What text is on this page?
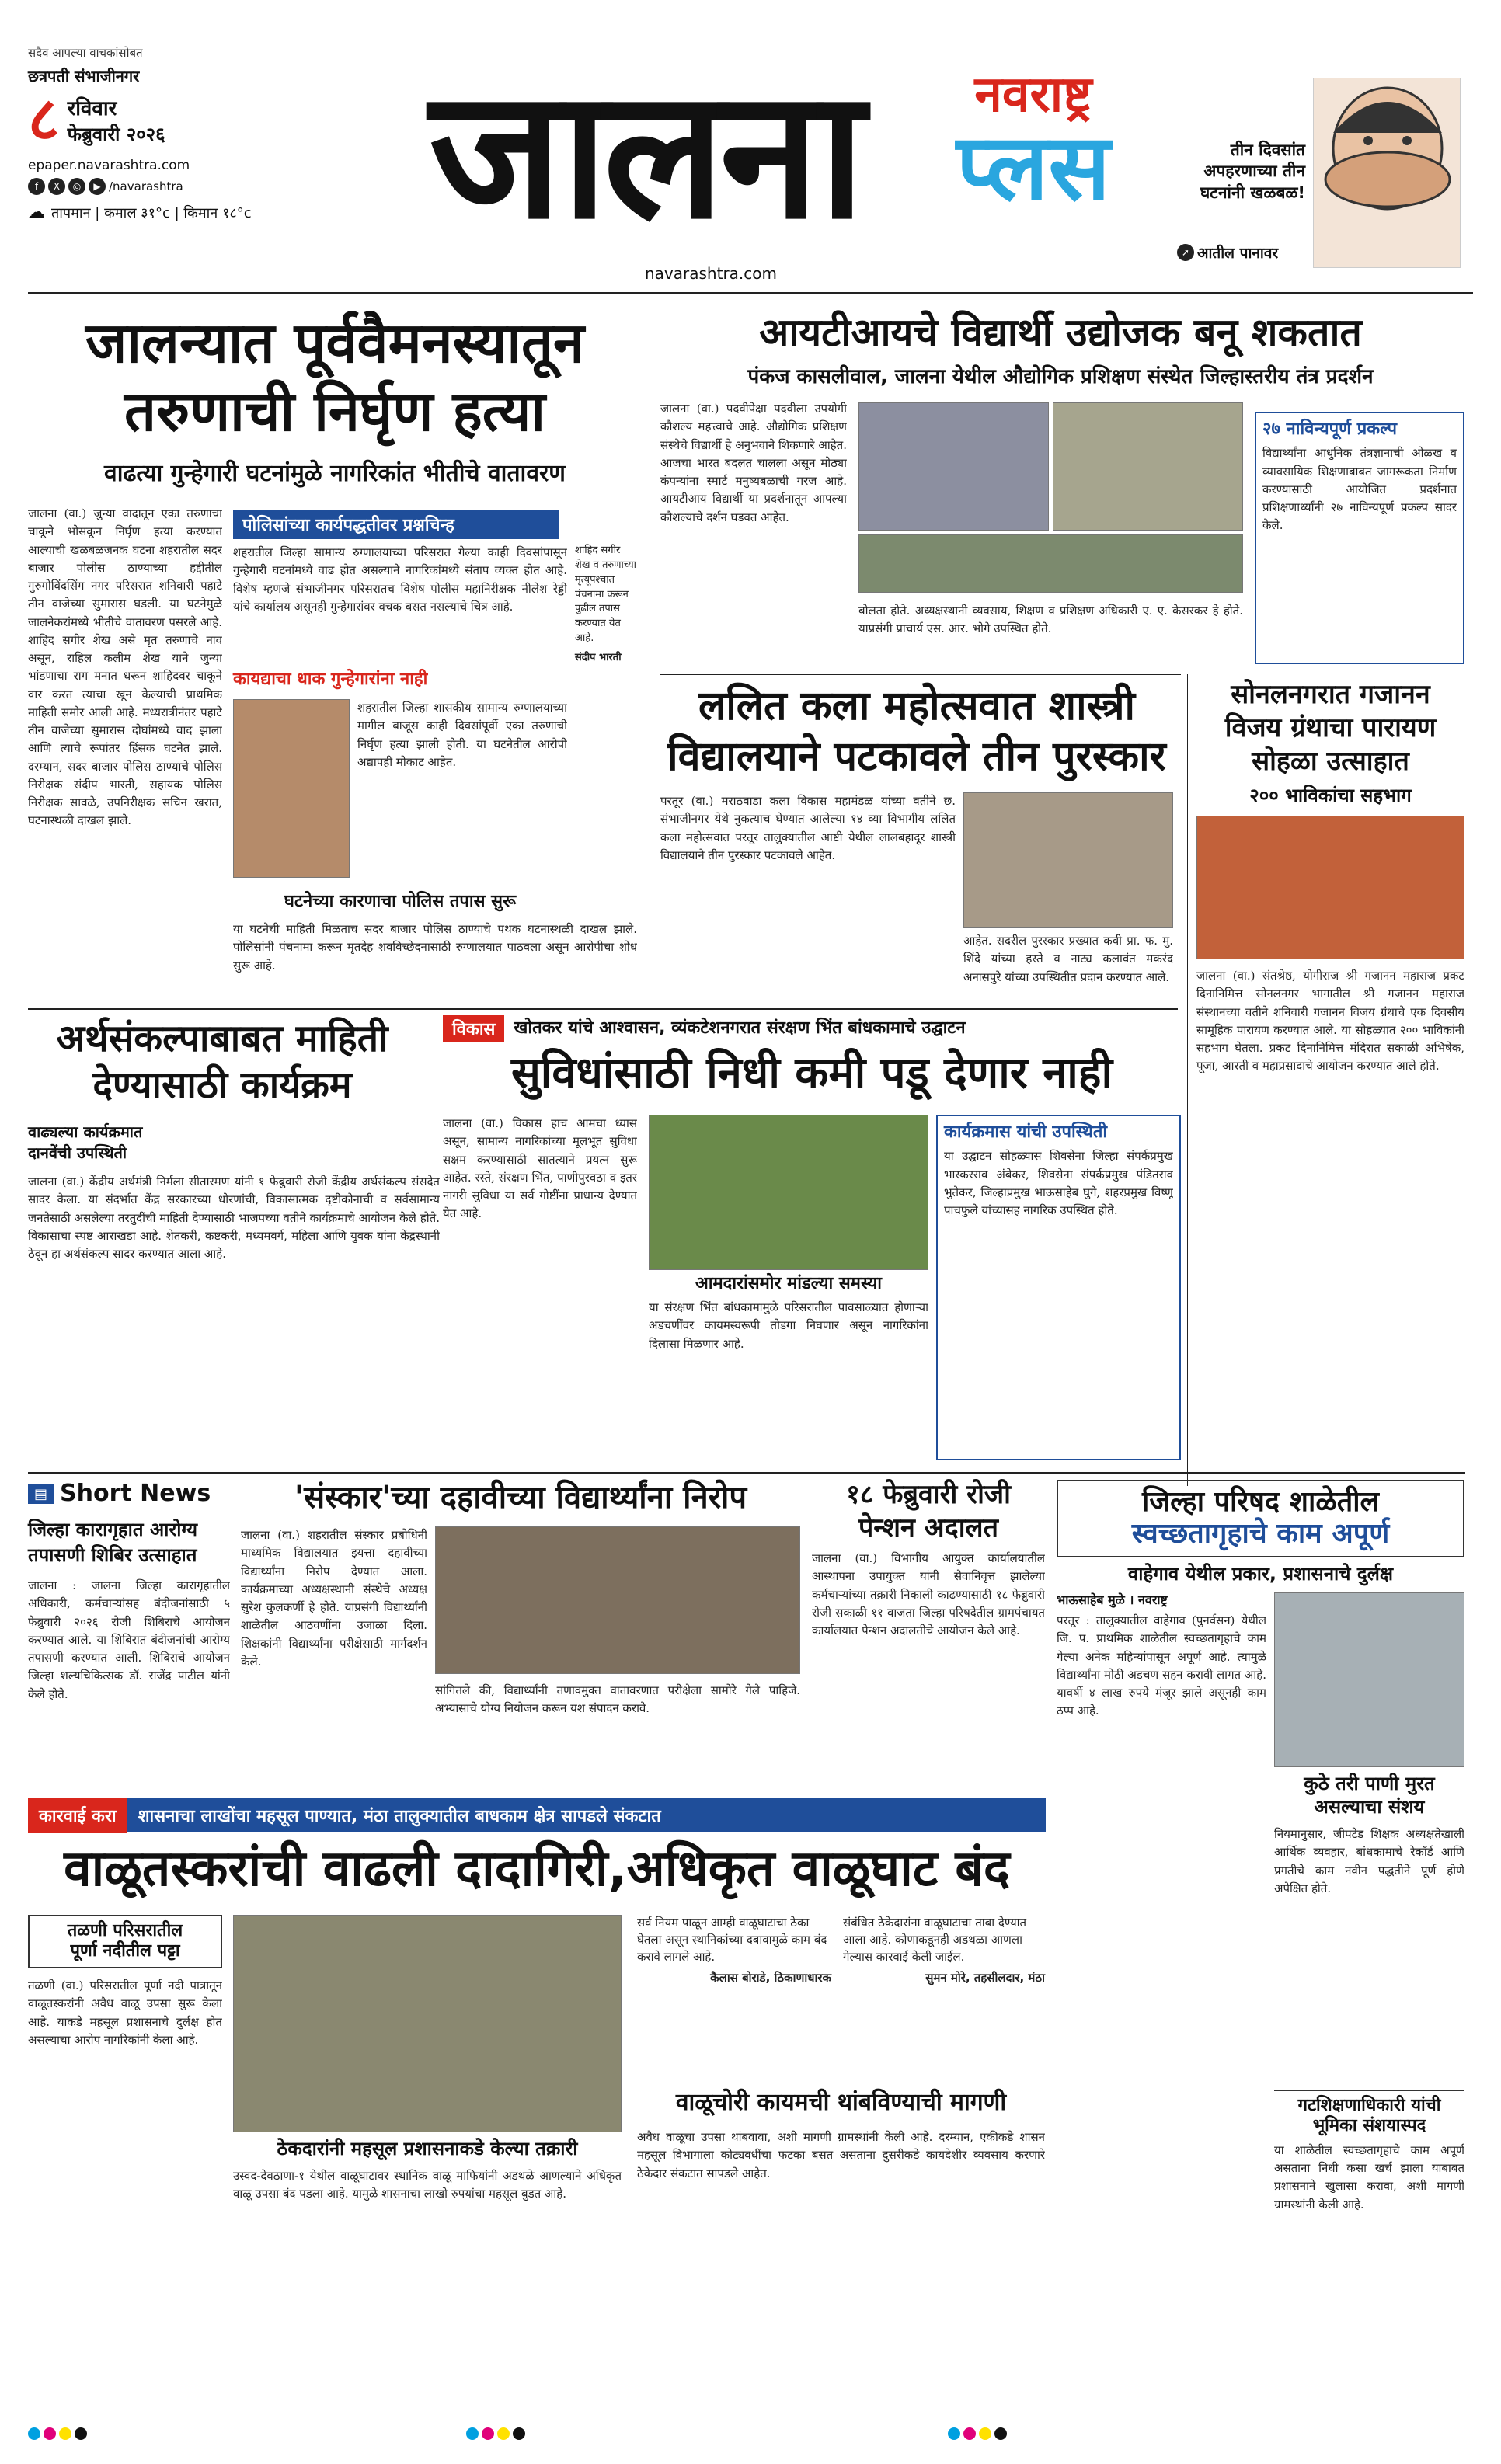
सदैव आपल्या वाचकांसोबत
छत्रपती संभाजीनगर
८ रविवार
फेब्रुवारी २०२६
epaper.navarashtra.com
f	X	◎	▶ /navarashtra
☁ तापमान | कमाल ३१°c | किमान १८°c जालना
navarashtra.com
नवराष्ट्र
प्लस	तीन दिवसांत अपहरणाच्या तीन घटनांनी खळबळ!
➚ आतील पानावर
जालन्यात पूर्ववैमनस्यातून
तरुणाची निर्घृण हत्या
वाढत्या गुन्हेगारी घटनांमुळे नागरिकांत भीतीचे वातावरण
जालना (वा.) जुन्या वादातून एका तरुणाचा चाकूने भोसकून निर्घृण हत्या करण्यात आल्याची खळबळजनक घटना शहरातील सदर बाजार पोलीस ठाण्याच्या हद्दीतील गुरुगोविंदसिंग नगर परिसरात शनिवारी पहाटे तीन वाजेच्या सुमारास घडली. या घटनेमुळे जालनेकरांमध्ये भीतीचे वातावरण पसरले आहे. शाहिद सगीर शेख असे मृत तरुणाचे नाव असून, राहिल कलीम शेख याने जुन्या भांडणाचा राग मनात धरून शाहिदवर चाकूने वार करत त्याचा खून केल्याची प्राथमिक माहिती समोर आली आहे. मध्यरात्रीनंतर पहाटे तीन वाजेच्या सुमारास दोघांमध्ये वाद झाला आणि त्याचे रूपांतर हिंसक घटनेत झाले. दरम्यान, सदर बाजार पोलिस ठाण्याचे पोलिस निरीक्षक संदीप भारती, सहायक पोलिस निरीक्षक सावळे, उपनिरीक्षक सचिन खरात, घटनास्थळी दाखल झाले.
पोलिसांच्या कार्यपद्धतीवर प्रश्नचिन्ह
शहरातील जिल्हा सामान्य रुग्णालयाच्या परिसरात गेल्या काही दिवसांपासून गुन्हेगारी घटनांमध्ये वाढ होत असल्याने नागरिकांमध्ये संताप व्यक्त होत आहे. विशेष म्हणजे संभाजीनगर परिसरातच विशेष पोलीस महानिरीक्षक नीलेश रेड्डी यांचे कार्यालय असूनही गुन्हेगारांवर वचक बसत नसल्याचे चित्र आहे.
शाहिद सगीर शेख व तरुणाच्या मृत्यूपश्चात पंचनामा करून पुढील तपास करण्यात येत आहे.
संदीप भारती
कायद्याचा धाक गुन्हेगारांना नाही
शहरातील जिल्हा शासकीय सामान्य रुग्णालयाच्या मागील बाजूस काही दिवसांपूर्वी एका तरुणाची निर्घृण हत्या झाली होती. या घटनेतील आरोपी अद्यापही मोकाट आहेत.
घटनेच्या कारणाचा पोलिस तपास सुरू
या घटनेची माहिती मिळताच सदर बाजार पोलिस ठाण्याचे पथक घटनास्थळी दाखल झाले. पोलिसांनी पंचनामा करून मृतदेह शवविच्छेदनासाठी रुग्णालयात पाठवला असून आरोपीचा शोध सुरू आहे.
आयटीआयचे विद्यार्थी उद्योजक बनू शकतात
पंकज कासलीवाल, जालना येथील औद्योगिक प्रशिक्षण संस्थेत जिल्हास्तरीय तंत्र प्रदर्शन
जालना (वा.) पदवीपेक्षा पदवीला उपयोगी कौशल्य महत्त्वाचे आहे. औद्योगिक प्रशिक्षण संस्थेचे विद्यार्थी हे अनुभवाने शिकणारे आहेत. आजचा भारत बदलत चालला असून मोठ्या कंपन्यांना स्मार्ट मनुष्यबळाची गरज आहे. आयटीआय विद्यार्थी या प्रदर्शनातून आपल्या कौशल्याचे दर्शन घडवत आहेत.
बोलता होते. अध्यक्षस्थानी व्यवसाय, शिक्षण व प्रशिक्षण अधिकारी ए. ए. केसरकर हे होते. याप्रसंगी प्राचार्य एस. आर. भोगे उपस्थित होते.
२७ नाविन्यपूर्ण प्रकल्प
विद्यार्थ्यांना आधुनिक तंत्रज्ञानाची ओळख व व्यावसायिक शिक्षणाबाबत जागरूकता निर्माण करण्यासाठी आयोजित प्रदर्शनात प्रशिक्षणार्थ्यांनी २७ नाविन्यपूर्ण प्रकल्प सादर केले.
ललित कला महोत्सवात शास्त्री
विद्यालयाने पटकावले तीन पुरस्कार
परतूर (वा.) मराठवाडा कला विकास महामंडळ यांच्या वतीने छ. संभाजीनगर येथे नुकत्याच घेण्यात आलेल्या १४ व्या विभागीय ललित कला महोत्सवात परतूर तालुक्यातील आष्टी येथील लालबहादूर शास्त्री विद्यालयाने तीन पुरस्कार पटकावले आहेत.
आहेत. सदरील पुरस्कार प्रख्यात कवी प्रा. फ. मु. शिंदे यांच्या हस्ते व नाट्य कलावंत मकरंद अनासपुरे यांच्या उपस्थितीत प्रदान करण्यात आले.
सोनलनगरात गजानन
विजय ग्रंथाचा पारायण
सोहळा उत्साहात
२०० भाविकांचा सहभाग
जालना (वा.) संतश्रेष्ठ, योगीराज श्री गजानन महाराज प्रकट दिनानिमित्त सोनलनगर भागातील श्री गजानन महाराज संस्थानच्या वतीने शनिवारी गजानन विजय ग्रंथाचे एक दिवसीय सामूहिक पारायण करण्यात आले. या सोहळ्यात २०० भाविकांनी सहभाग घेतला. प्रकट दिनानिमित्त मंदिरात सकाळी अभिषेक, पूजा, आरती व महाप्रसादाचे आयोजन करण्यात आले होते.
अर्थसंकल्पाबाबत माहिती
देण्यासाठी कार्यक्रम
वाढ्यल्या कार्यक्रमात
दानवेंची उपस्थिती
जालना (वा.) केंद्रीय अर्थमंत्री निर्मला सीतारमण यांनी १ फेब्रुवारी रोजी केंद्रीय अर्थसंकल्प संसदेत सादर केला. या संदर्भात केंद्र सरकारच्या धोरणांची, विकासात्मक दृष्टीकोनाची व सर्वसामान्य जनतेसाठी असलेल्या तरतुदींची माहिती देण्यासाठी भाजपच्या वतीने कार्यक्रमाचे आयोजन केले होते. विकासाचा स्पष्ट आराखडा आहे. शेतकरी, कष्टकरी, मध्यमवर्ग, महिला आणि युवक यांना केंद्रस्थानी ठेवून हा अर्थसंकल्प सादर करण्यात आला आहे.
विकास	खोतकर यांचे आश्वासन, व्यंकटेशनगरात संरक्षण भिंत बांधकामाचे उद्घाटन
सुविधांसाठी निधी कमी पडू देणार नाही
जालना (वा.) विकास हाच आमचा ध्यास असून, सामान्य नागरिकांच्या मूलभूत सुविधा सक्षम करण्यासाठी सातत्याने प्रयत्न सुरू आहेत. रस्ते, संरक्षण भिंत, पाणीपुरवठा व इतर नागरी सुविधा या सर्व गोष्टींना प्राधान्य देण्यात येत आहे.
आमदारांसमोर मांडल्या समस्या
या संरक्षण भिंत बांधकामामुळे परिसरातील पावसाळ्यात होणाऱ्या अडचणींवर कायमस्वरूपी तोडगा निघणार असून नागरिकांना दिलासा मिळणार आहे.
कार्यक्रमास यांची उपस्थिती
या उद्घाटन सोहळ्यास शिवसेना जिल्हा संपर्कप्रमुख भास्करराव अंबेकर, शिवसेना संपर्कप्रमुख पंडितराव भुतेकर, जिल्हाप्रमुख भाऊसाहेब घुगे, शहरप्रमुख विष्णू पाचफुले यांच्यासह नागरिक उपस्थित होते.
▤ Short News
जिल्हा कारागृहात आरोग्य
तपासणी शिबिर उत्साहात
जालना : जालना जिल्हा कारागृहातील अधिकारी, कर्मचाऱ्यांसह बंदीजनांसाठी ५ फेब्रुवारी २०२६ रोजी शिबिराचे आयोजन करण्यात आले. या शिबिरात बंदीजनांची आरोग्य तपासणी करण्यात आली. शिबिराचे आयोजन जिल्हा शल्यचिकित्सक डॉ. राजेंद्र पाटील यांनी केले होते.
'संस्कार'च्या दहावीच्या विद्यार्थ्यांना निरोप
जालना (वा.) शहरातील संस्कार प्रबोधिनी माध्यमिक विद्यालयात इयत्ता दहावीच्या विद्यार्थ्यांना निरोप देण्यात आला. कार्यक्रमाच्या अध्यक्षस्थानी संस्थेचे अध्यक्ष सुरेश कुलकर्णी हे होते. याप्रसंगी विद्यार्थ्यांनी शाळेतील आठवणींना उजाळा दिला. शिक्षकांनी विद्यार्थ्यांना परीक्षेसाठी मार्गदर्शन केले.
सांगितले की, विद्यार्थ्यांनी तणावमुक्त वातावरणात परीक्षेला सामोरे गेले पाहिजे. अभ्यासाचे योग्य नियोजन करून यश संपादन करावे.
१८ फेब्रुवारी रोजी
पेन्शन अदालत
जालना (वा.) विभागीय आयुक्त कार्यालयातील आस्थापना उपायुक्त यांनी सेवानिवृत्त झालेल्या कर्मचाऱ्यांच्या तक्रारी निकाली काढण्यासाठी १८ फेब्रुवारी रोजी सकाळी ११ वाजता जिल्हा परिषदेतील ग्रामपंचायत कार्यालयात पेन्शन अदालतीचे आयोजन केले आहे.
जिल्हा परिषद शाळेतील
स्वच्छतागृहाचे काम अपूर्ण
वाहेगाव येथील प्रकार, प्रशासनाचे दुर्लक्ष
भाऊसाहेब मुळे । नवराष्ट्र
परतूर : तालुक्यातील वाहेगाव (पुनर्वसन) येथील जि. प. प्राथमिक शाळेतील स्वच्छतागृहाचे काम गेल्या अनेक महिन्यांपासून अपूर्ण आहे. त्यामुळे विद्यार्थ्यांना मोठी अडचण सहन करावी लागत आहे. यावर्षी ४ लाख रुपये मंजूर झाले असूनही काम ठप्प आहे.
कुठे तरी पाणी मुरत
असल्याचा संशय
नियमानुसार, जीपटेड शिक्षक अध्यक्षतेखाली आर्थिक व्यवहार, बांधकामाचे रेकॉर्ड आणि प्रगतीचे काम नवीन पद्धतीने पूर्ण होणे अपेक्षित होते.
गटशिक्षणाधिकारी यांची
भूमिका संशयास्पद
या शाळेतील स्वच्छतागृहाचे काम अपूर्ण असताना निधी कसा खर्च झाला याबाबत प्रशासनाने खुलासा करावा, अशी मागणी ग्रामस्थांनी केली आहे.
कारवाई करा	शासनाचा लाखोंचा महसूल पाण्यात, मंठा तालुक्यातील बाधकाम क्षेत्र सापडले संकटात
वाळूतस्करांची वाढली दादागिरी,अधिकृत वाळूघाट बंद
तळणी परिसरातील
पूर्णा नदीतील पट्टा
तळणी (वा.) परिसरातील पूर्णा नदी पात्रातून वाळूतस्करांनी अवैध वाळू उपसा सुरू केला आहे. याकडे महसूल प्रशासनाचे दुर्लक्ष होत असल्याचा आरोप नागरिकांनी केला आहे.
ठेकदारांनी महसूल प्रशासनाकडे केल्या तक्रारी
उस्वद-देवठाणा-१ येथील वाळूघाटावर स्थानिक वाळू माफियांनी अडथळे आणल्याने अधिकृत वाळू उपसा बंद पडला आहे. यामुळे शासनाचा लाखो रुपयांचा महसूल बुडत आहे.
सर्व नियम पाळून आम्ही वाळूघाटाचा ठेका घेतला असून स्थानिकांच्या दबावामुळे काम बंद करावे लागले आहे.
कैलास बोराडे, ठिकाणाधारक
संबंधित ठेकेदारांना वाळूघाटाचा ताबा देण्यात आला आहे. कोणाकडूनही अडथळा आणला गेल्यास कारवाई केली जाईल.
सुमन मोरे, तहसीलदार, मंठा
वाळूचोरी कायमची थांबविण्याची मागणी
अवैध वाळूचा उपसा थांबवावा, अशी मागणी ग्रामस्थांनी केली आहे. दरम्यान, एकीकडे शासन महसूल विभागाला कोट्यवधींचा फटका बसत असताना दुसरीकडे कायदेशीर व्यवसाय करणारे ठेकेदार संकटात सापडले आहेत.
